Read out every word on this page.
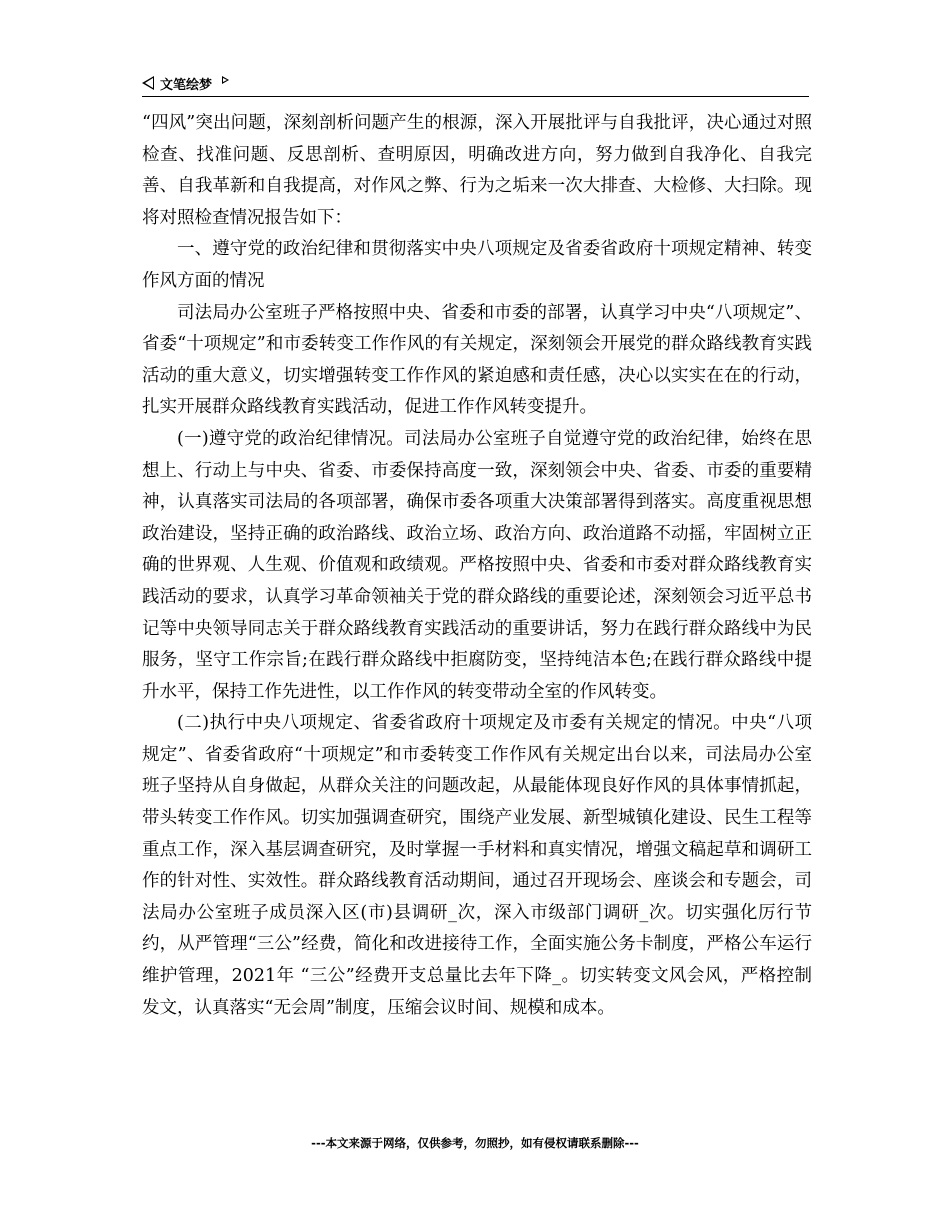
文笔绘梦

“四风”突出问题，深刻剖析问题产生的根源，深入开展批评与自我批评，决心通过对照检查、找准问题、反思剖析、查明原因，明确改进方向，努力做到自我净化、自我完善、自我革新和自我提高，对作风之弊、行为之垢来一次大排查、大检修、大扫除。现将对照检查情况报告如下：

一、遵守党的政治纪律和贯彻落实中央八项规定及省委省政府十项规定精神、转变作风方面的情况

司法局办公室班子严格按照中央、省委和市委的部署，认真学习中央“八项规定”、省委“十项规定”和市委转变工作作风的有关规定，深刻领会开展党的群众路线教育实践活动的重大意义，切实增强转变工作作风的紧迫感和责任感，决心以实实在在的行动，扎实开展群众路线教育实践活动，促进工作作风转变提升。

(一)遵守党的政治纪律情况。司法局办公室班子自觉遵守党的政治纪律，始终在思想上、行动上与中央、省委、市委保持高度一致，深刻领会中央、省委、市委的重要精神，认真落实司法局的各项部署，确保市委各项重大决策部署得到落实。高度重视思想政治建设，坚持正确的政治路线、政治立场、政治方向、政治道路不动摇，牢固树立正确的世界观、人生观、价值观和政绩观。严格按照中央、省委和市委对群众路线教育实践活动的要求，认真学习革命领袖关于党的群众路线的重要论述，深刻领会习近平总书记等中央领导同志关于群众路线教育实践活动的重要讲话，努力在践行群众路线中为民服务，坚守工作宗旨;在践行群众路线中拒腐防变，坚持纯洁本色;在践行群众路线中提升水平，保持工作先进性，以工作作风的转变带动全室的作风转变。

(二)执行中央八项规定、省委省政府十项规定及市委有关规定的情况。中央“八项规定”、省委省政府“十项规定”和市委转变工作作风有关规定出台以来，司法局办公室班子坚持从自身做起，从群众关注的问题改起，从最能体现良好作风的具体事情抓起，带头转变工作作风。切实加强调查研究，围绕产业发展、新型城镇化建设、民生工程等重点工作，深入基层调查研究，及时掌握一手材料和真实情况，增强文稿起草和调研工作的针对性、实效性。群众路线教育活动期间，通过召开现场会、座谈会和专题会，司法局办公室班子成员深入区(市)县调研_次，深入市级部门调研_次。切实强化厉行节约，从严管理“三公”经费，简化和改进接待工作，全面实施公务卡制度，严格公车运行维护管理，2021年 “三公”经费开支总量比去年下降_。切实转变文风会风，严格控制发文，认真落实“无会周”制度，压缩会议时间、规模和成本。

---本文来源于网络，仅供参考，勿照抄，如有侵权请联系删除---
